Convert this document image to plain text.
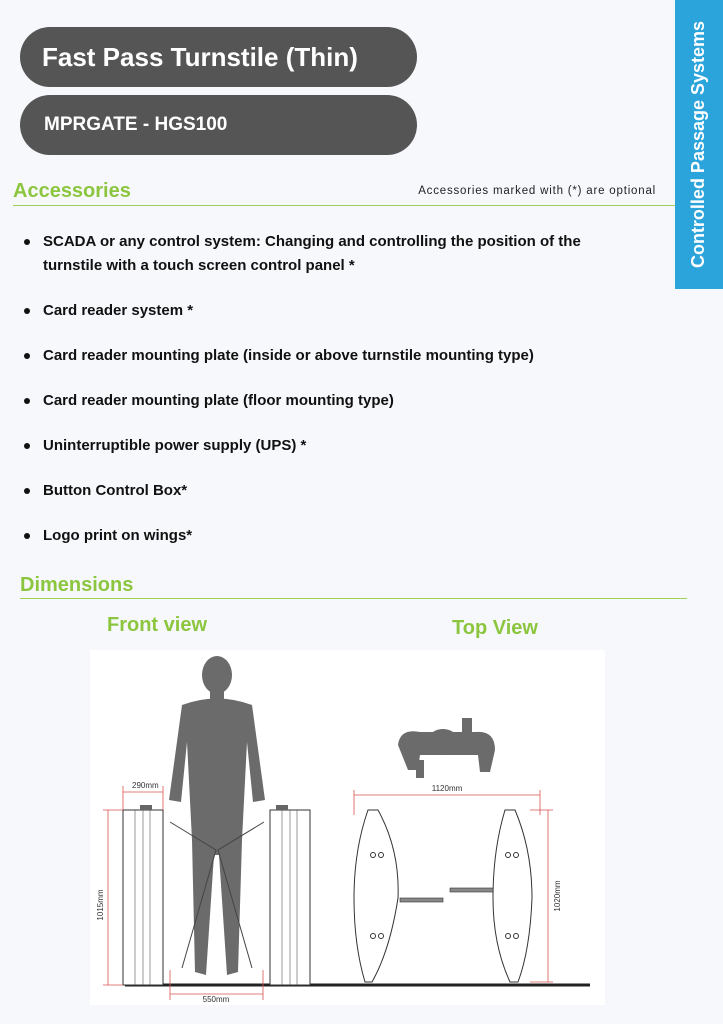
Fast Pass Turnstile (Thin)
MPRGATE - HGS100	Controlled Passage Systems
Accessories	Accessories marked with (*) are optional
SCADA or any control system: Changing and controlling the position of the turnstile with a touch screen control panel *
Card reader system *
Card reader mounting plate (inside or above turnstile mounting type)
Card reader mounting plate (floor mounting type)
Uninterruptible power supply (UPS) *
Button Control Box*
Logo print on wings*
Dimensions
Front view	Top View
290mm
1015mm
550mm
1120mm
1020mm
